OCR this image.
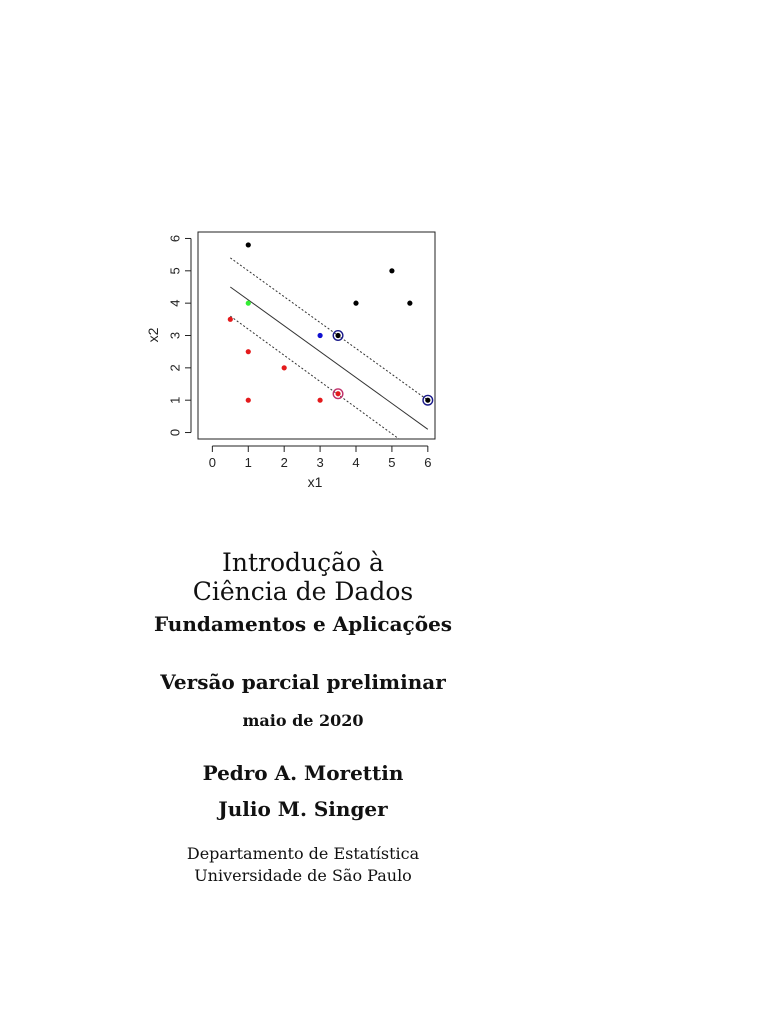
0 1 2 3 4 5 6
0
1
2
3
4
5
6
x1
x2
Introdução à
Ciência de Dados
Fundamentos e Aplicações
Versão parcial preliminar
maio de 2020
Pedro A. Morettin
Julio M. Singer
Departamento de Estatística
Universidade de São Paulo
